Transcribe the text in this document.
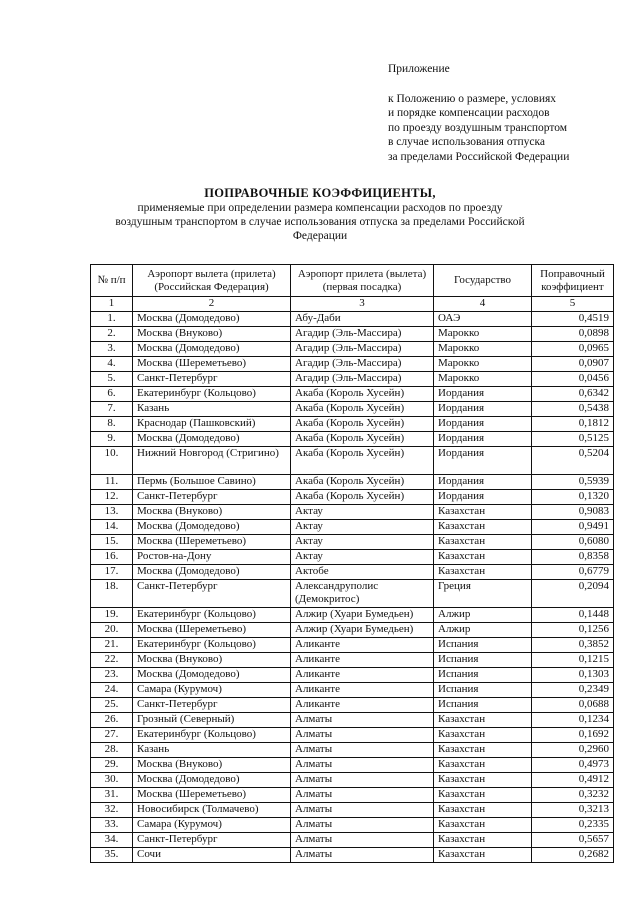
Приложение
к Положению о размере, условиях
и порядке компенсации расходов
по проезду воздушным транспортом
в случае использования отпуска
за пределами Российской Федерации
ПОПРАВОЧНЫЕ КОЭФФИЦИЕНТЫ,
применяемые при определении размера компенсации расходов по проезду воздушным транспортом в случае использования отпуска за пределами Российской Федерации
№ п/п	Аэропорт вылета (прилета) (Российская Федерация)	Аэропорт прилета (вылета) (первая посадка)	Государство	Поправочный коэффициент
1	2	3	4	5
1.	Москва (Домодедово)	Абу-Даби	ОАЭ	0,4519
2.	Москва (Внуково)	Агадир (Эль-Массира)	Марокко	0,0898
3.	Москва (Домодедово)	Агадир (Эль-Массира)	Марокко	0,0965
4.	Москва (Шереметьево)	Агадир (Эль-Массира)	Марокко	0,0907
5.	Санкт-Петербург	Агадир (Эль-Массира)	Марокко	0,0456
6.	Екатеринбург (Кольцово)	Акаба (Король Хусейн)	Иордания	0,6342
7.	Казань	Акаба (Король Хусейн)	Иордания	0,5438
8.	Краснодар (Пашковский)	Акаба (Король Хусейн)	Иордания	0,1812
9.	Москва (Домодедово)	Акаба (Король Хусейн)	Иордания	0,5125
10.	Нижний Новгород (Стригино)	Акаба (Король Хусейн)	Иордания	0,5204
11.	Пермь (Большое Савино)	Акаба (Король Хусейн)	Иордания	0,5939
12.	Санкт-Петербург	Акаба (Король Хусейн)	Иордания	0,1320
13.	Москва (Внуково)	Актау	Казахстан	0,9083
14.	Москва (Домодедово)	Актау	Казахстан	0,9491
15.	Москва (Шереметьево)	Актау	Казахстан	0,6080
16.	Ростов-на-Дону	Актау	Казахстан	0,8358
17.	Москва (Домодедово)	Актобе	Казахстан	0,6779
18.	Санкт-Петербург	Александруполис (Демокритос)	Греция	0,2094
19.	Екатеринбург (Кольцово)	Алжир (Хуари Бумедьен)	Алжир	0,1448
20.	Москва (Шереметьево)	Алжир (Хуари Бумедьен)	Алжир	0,1256
21.	Екатеринбург (Кольцово)	Аликанте	Испания	0,3852
22.	Москва (Внуково)	Аликанте	Испания	0,1215
23.	Москва (Домодедово)	Аликанте	Испания	0,1303
24.	Самара (Курумоч)	Аликанте	Испания	0,2349
25.	Санкт-Петербург	Аликанте	Испания	0,0688
26.	Грозный (Северный)	Алматы	Казахстан	0,1234
27.	Екатеринбург (Кольцово)	Алматы	Казахстан	0,1692
28.	Казань	Алматы	Казахстан	0,2960
29.	Москва (Внуково)	Алматы	Казахстан	0,4973
30.	Москва (Домодедово)	Алматы	Казахстан	0,4912
31.	Москва (Шереметьево)	Алматы	Казахстан	0,3232
32.	Новосибирск (Толмачево)	Алматы	Казахстан	0,3213
33.	Самара (Курумоч)	Алматы	Казахстан	0,2335
34.	Санкт-Петербург	Алматы	Казахстан	0,5657
35.	Сочи	Алматы	Казахстан	0,2682
